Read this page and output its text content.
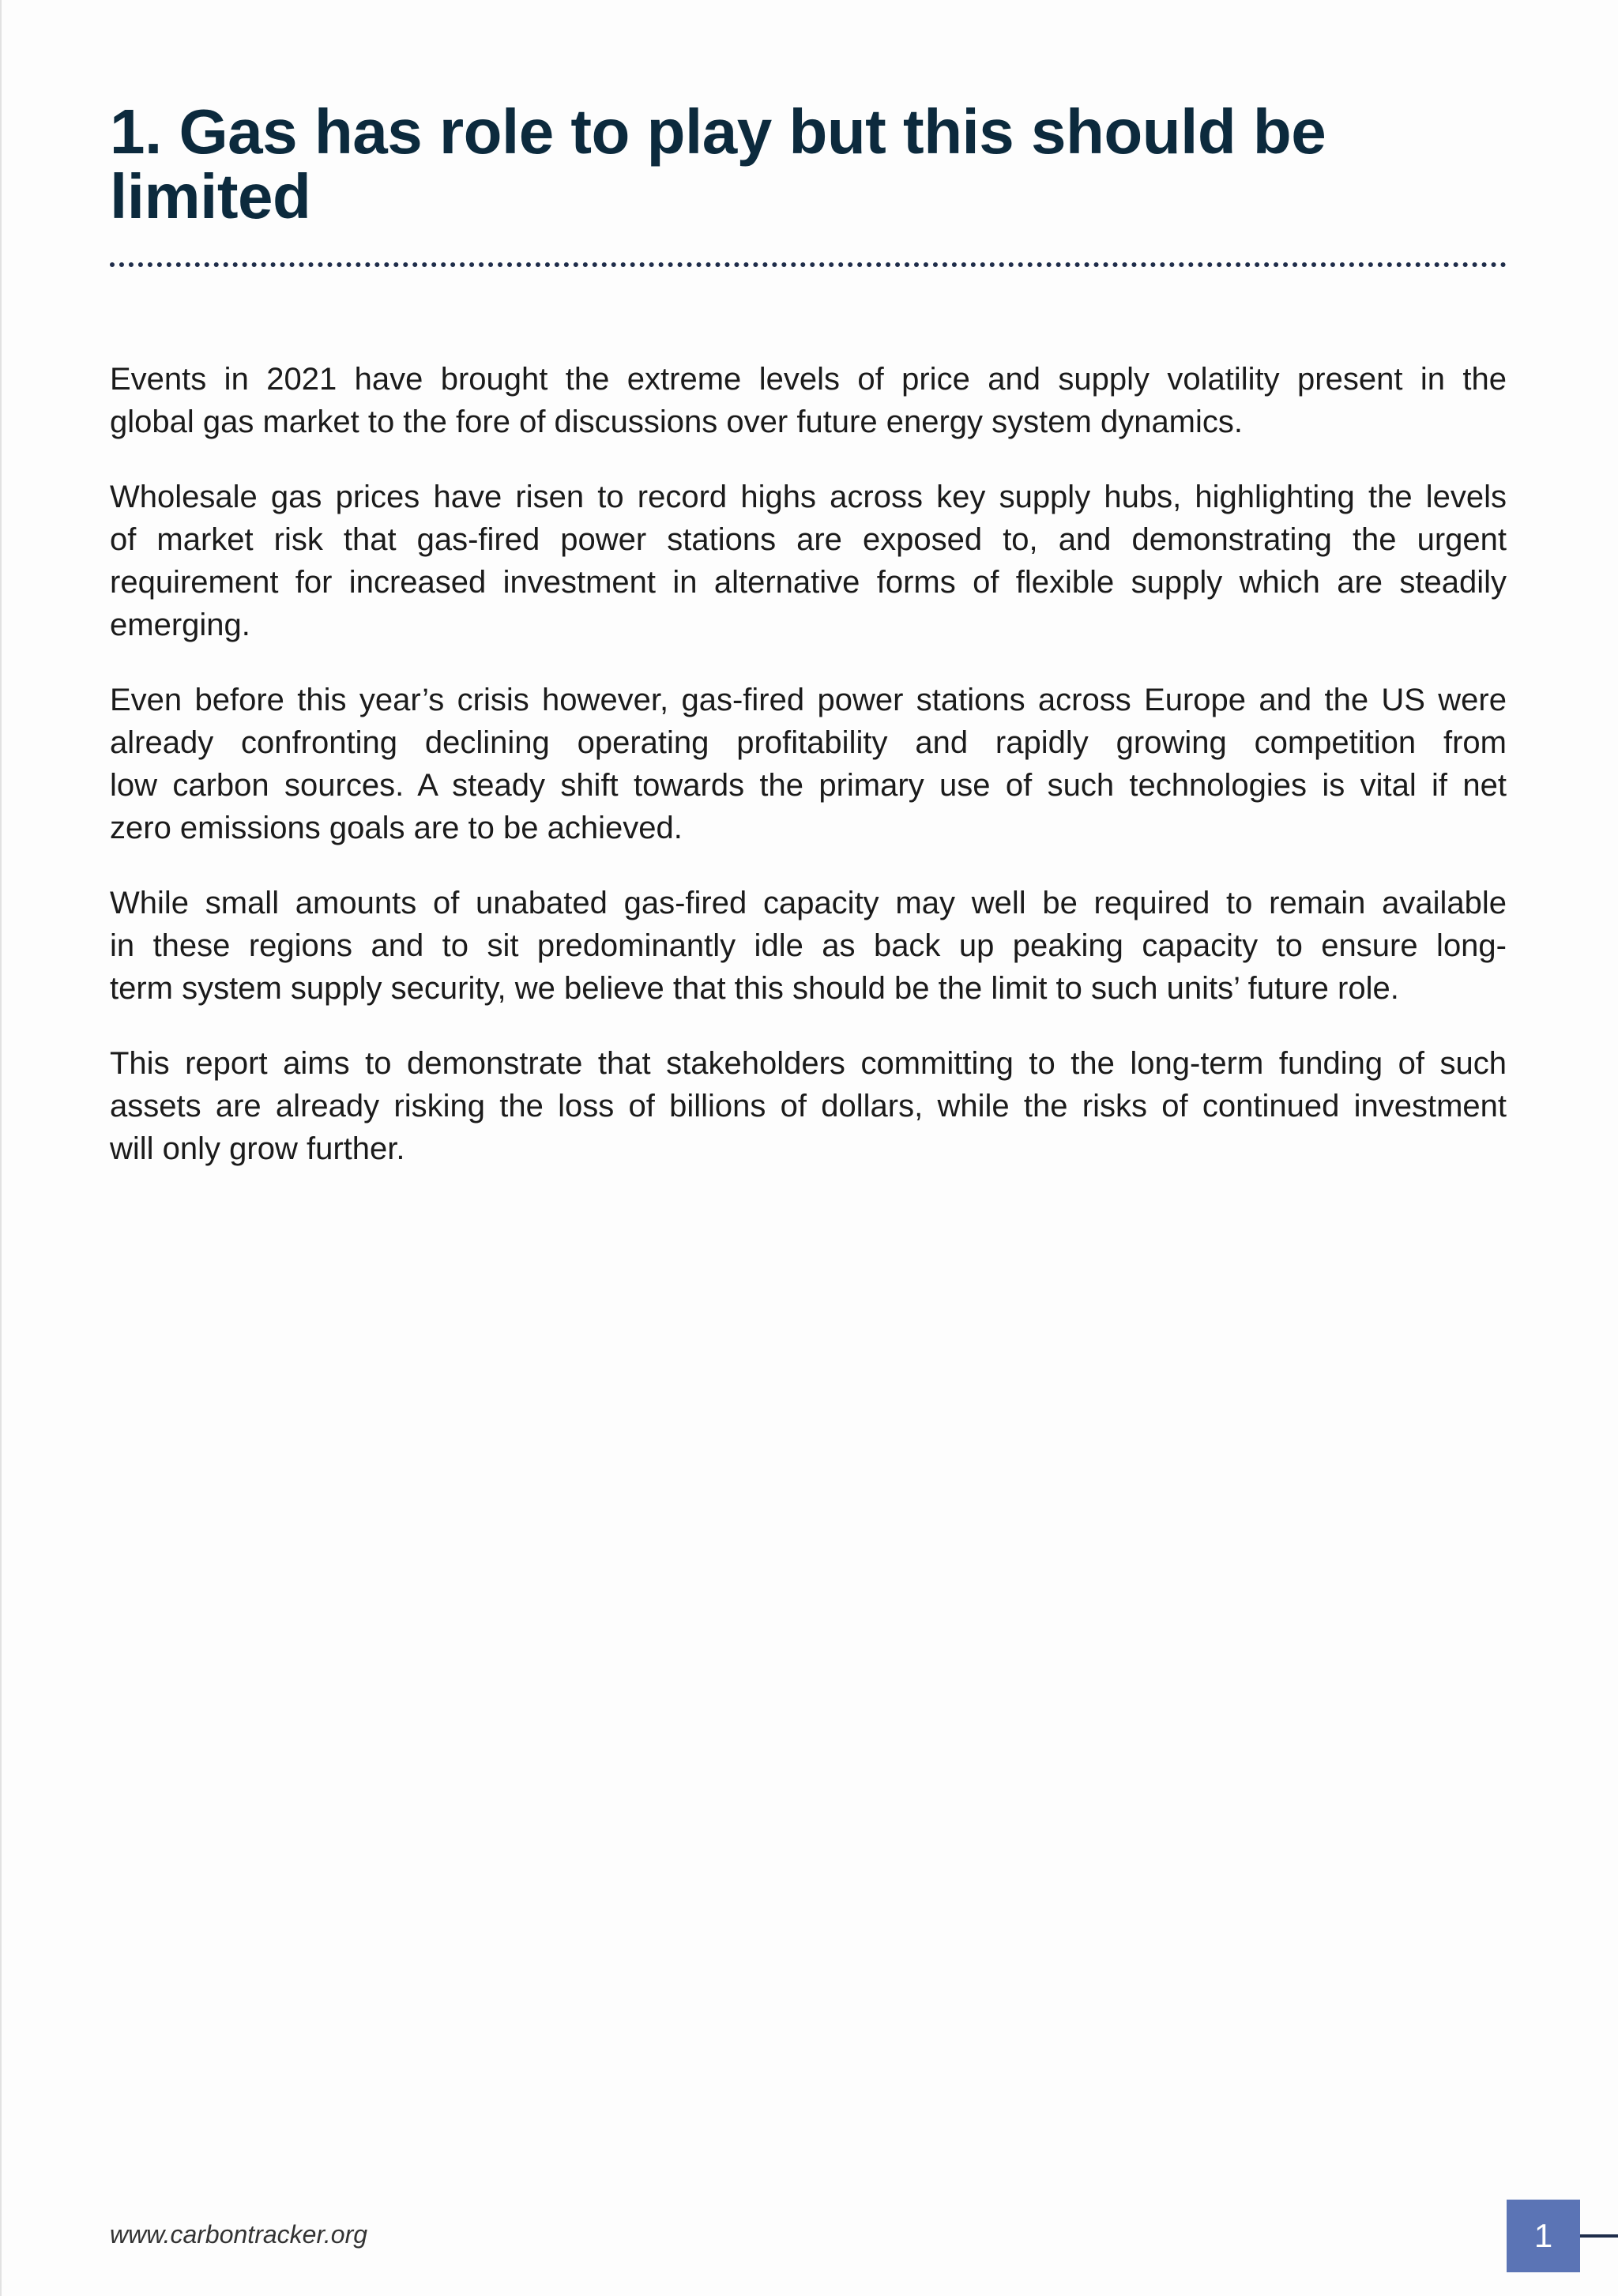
1. Gas has role to play but this should be
limited

Events in 2021 have brought the extreme levels of price and supply volatility present in the
global gas market to the fore of discussions over future energy system dynamics.

Wholesale gas prices have risen to record highs across key supply hubs, highlighting the levels
of market risk that gas-fired power stations are exposed to, and demonstrating the urgent
requirement for increased investment in alternative forms of flexible supply which are steadily
emerging.

Even before this year’s crisis however, gas-fired power stations across Europe and the US were
already confronting declining operating profitability and rapidly growing competition from
low carbon sources. A steady shift towards the primary use of such technologies is vital if net
zero emissions goals are to be achieved.

While small amounts of unabated gas-fired capacity may well be required to remain available
in these regions and to sit predominantly idle as back up peaking capacity to ensure long-
term system supply security, we believe that this should be the limit to such units’ future role.

This report aims to demonstrate that stakeholders committing to the long-term funding of such
assets are already risking the loss of billions of dollars, while the risks of continued investment
will only grow further.

www.carbontracker.org	1
